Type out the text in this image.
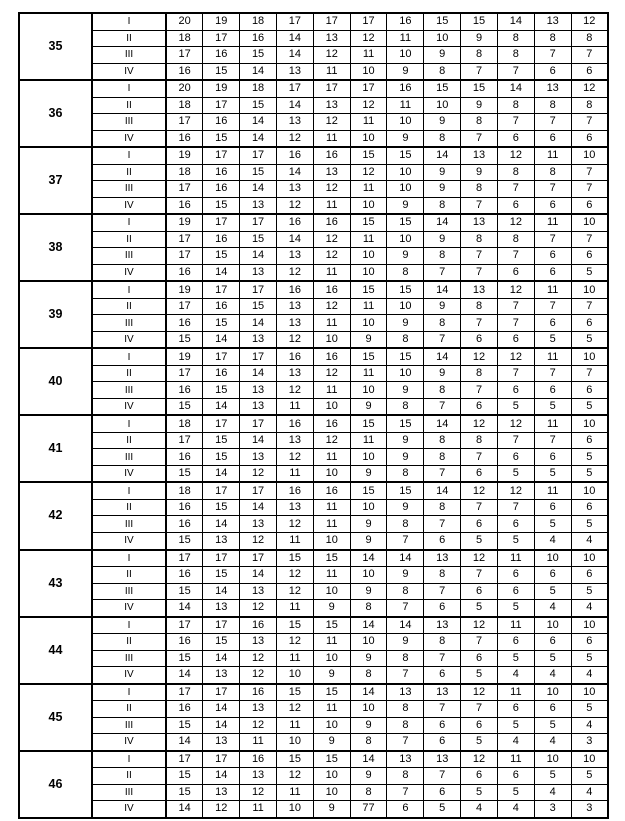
35	I	20	19	18	17	17	17	16	15	15	14	13	12
	II	18	17	16	14	13	12	11	10	9	8	8	8
	III	17	16	15	14	12	11	10	9	8	8	7	7
	IV	16	15	14	13	11	10	9	8	7	7	6	6
36	I	20	19	18	17	17	17	16	15	15	14	13	12
	II	18	17	15	14	13	12	11	10	9	8	8	8
	III	17	16	14	13	12	11	10	9	8	7	7	7
	IV	16	15	14	12	11	10	9	8	7	6	6	6
37	I	19	17	17	16	16	15	15	14	13	12	11	10
	II	18	16	15	14	13	12	10	9	9	8	8	7
	III	17	16	14	13	12	11	10	9	8	7	7	7
	IV	16	15	13	12	11	10	9	8	7	6	6	6
38	I	19	17	17	16	16	15	15	14	13	12	11	10
	II	17	16	15	14	12	11	10	9	8	8	7	7
	III	17	15	14	13	12	10	9	8	7	7	6	6
	IV	16	14	13	12	11	10	8	7	7	6	6	5
39	I	19	17	17	16	16	15	15	14	13	12	11	10
	II	17	16	15	13	12	11	10	9	8	7	7	7
	III	16	15	14	13	11	10	9	8	7	7	6	6
	IV	15	14	13	12	10	9	8	7	6	6	5	5
40	I	19	17	17	16	16	15	15	14	12	12	11	10
	II	17	16	14	13	12	11	10	9	8	7	7	7
	III	16	15	13	12	11	10	9	8	7	6	6	6
	IV	15	14	13	11	10	9	8	7	6	5	5	5
41	I	18	17	17	16	16	15	15	14	12	12	11	10
	II	17	15	14	13	12	11	9	8	8	7	7	6
	III	16	15	13	12	11	10	9	8	7	6	6	5
	IV	15	14	12	11	10	9	8	7	6	5	5	5
42	I	18	17	17	16	16	15	15	14	12	12	11	10
	II	16	15	14	13	11	10	9	8	7	7	6	6
	III	16	14	13	12	11	9	8	7	6	6	5	5
	IV	15	13	12	11	10	9	7	6	5	5	4	4
43	I	17	17	17	15	15	14	14	13	12	11	10	10
	II	16	15	14	12	11	10	9	8	7	6	6	6
	III	15	14	13	12	10	9	8	7	6	6	5	5
	IV	14	13	12	11	9	8	7	6	5	5	4	4
44	I	17	17	16	15	15	14	14	13	12	11	10	10
	II	16	15	13	12	11	10	9	8	7	6	6	6
	III	15	14	12	11	10	9	8	7	6	5	5	5
	IV	14	13	12	10	9	8	7	6	5	4	4	4
45	I	17	17	16	15	15	14	13	13	12	11	10	10
	II	16	14	13	12	11	10	8	7	7	6	6	5
	III	15	14	12	11	10	9	8	6	6	5	5	4
	IV	14	13	11	10	9	8	7	6	5	4	4	3
46	I	17	17	16	15	15	14	13	13	12	11	10	10
	II	15	14	13	12	10	9	8	7	6	6	5	5
	III	15	13	12	11	10	8	7	6	5	5	4	4
	IV	14	12	11	10	9	77	6	5	4	4	3	3
